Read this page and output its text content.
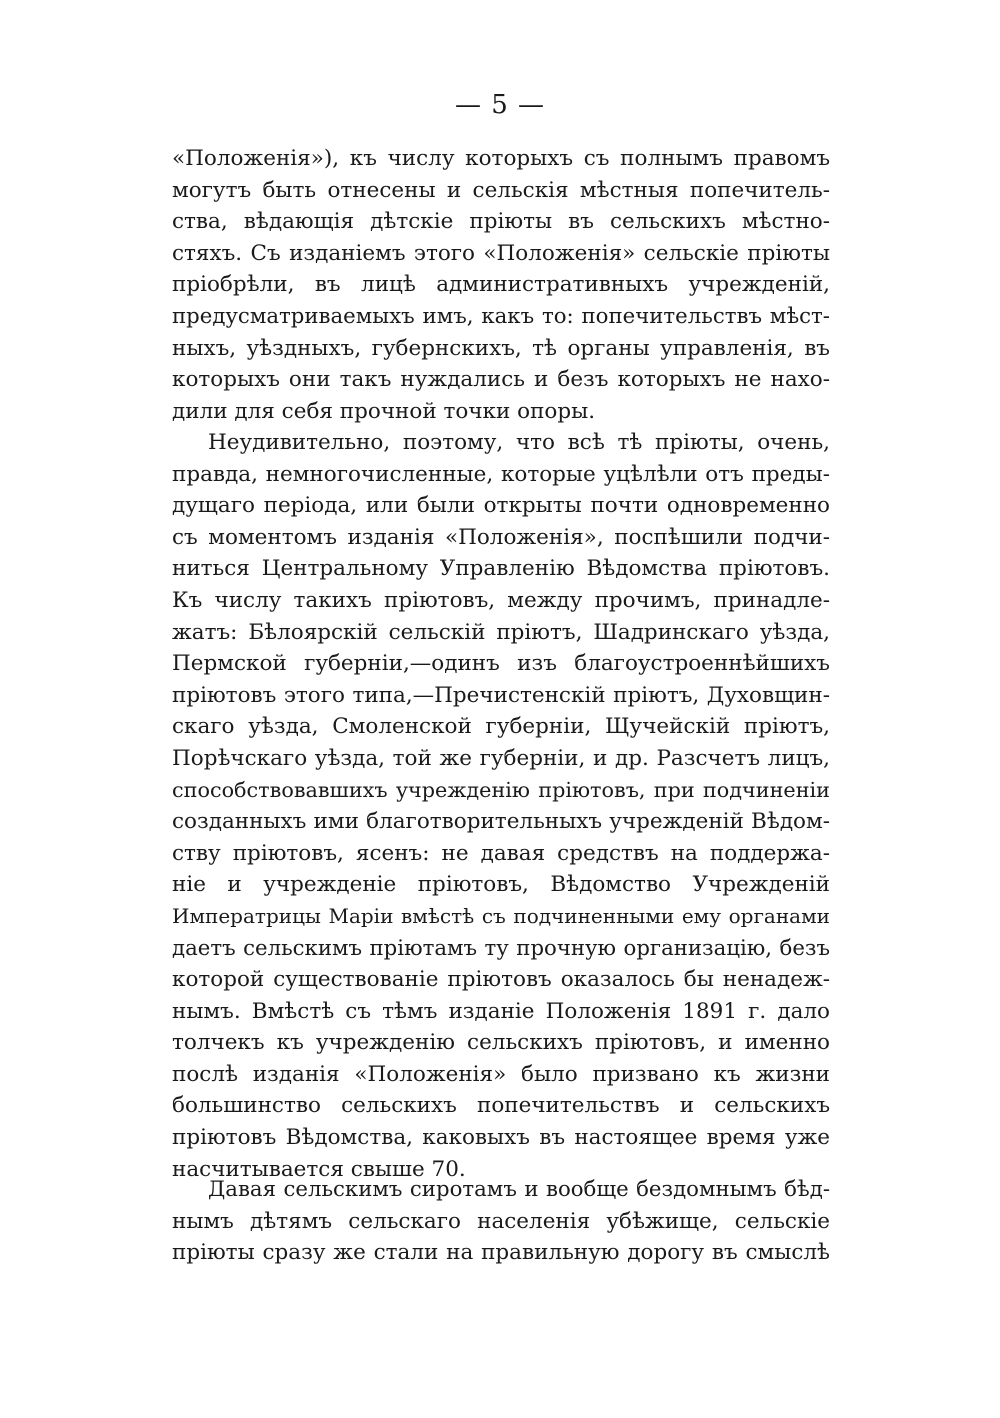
— 5 —
«Положенія»), къ числу которыхъ съ полнымъ правомъ
могутъ быть отнесены и сельскія мѣстныя попечитель-
ства, вѣдающія дѣтскіе пріюты въ сельскихъ мѣстно-
стяхъ. Съ изданіемъ этого «Положенія» сельскіе пріюты
пріобрѣли, въ лицѣ административныхъ учрежденій,
предусматриваемыхъ имъ, какъ то: попечительствъ мѣст-
ныхъ, уѣздныхъ, губернскихъ, тѣ органы управленія, въ
которыхъ они такъ нуждались и безъ которыхъ не нахо-
дили для себя прочной точки опоры.
Неудивительно, поэтому, что всѣ тѣ пріюты, очень,
правда, немногочисленные, которые уцѣлѣли отъ преды-
дущаго періода, или были открыты почти одновременно
съ моментомъ изданія «Положенія», поспѣшили подчи-
ниться Центральному Управленію Вѣдомства пріютовъ.
Къ числу такихъ пріютовъ, между прочимъ, принадле-
жатъ: Бѣлоярскій сельскій пріютъ, Шадринскаго уѣзда,
Пермской губерніи,—одинъ изъ благоустроеннѣйшихъ
пріютовъ этого типа,—Пречистенскій пріютъ, Духовщин-
скаго уѣзда, Смоленской губерніи, Щучейскій пріютъ,
Порѣчскаго уѣзда, той же губерніи, и др. Разсчетъ лицъ,
способствовавшихъ учрежденію пріютовъ, при подчиненіи
созданныхъ ими благотворительныхъ учрежденій Вѣдом-
ству пріютовъ, ясенъ: не давая средствъ на поддержа-
ніе и учрежденіе пріютовъ, Вѣдомство Учрежденій
Императрицы Маріи вмѣстѣ съ подчиненными ему органами
даетъ сельскимъ пріютамъ ту прочную организацію, безъ
которой существованіе пріютовъ оказалось бы ненадеж-
нымъ. Вмѣстѣ съ тѣмъ изданіе Положенія 1891 г. дало
толчекъ къ учрежденію сельскихъ пріютовъ, и именно
послѣ изданія «Положенія» было призвано къ жизни
большинство сельскихъ попечительствъ и сельскихъ
пріютовъ Вѣдомства, каковыхъ въ настоящее время уже
насчитывается свыше 70.
Давая сельскимъ сиротамъ и вообще бездомнымъ бѣд-
нымъ дѣтямъ сельскаго населенія убѣжище, сельскіе
пріюты сразу же стали на правильную дорогу въ смыслѣ
